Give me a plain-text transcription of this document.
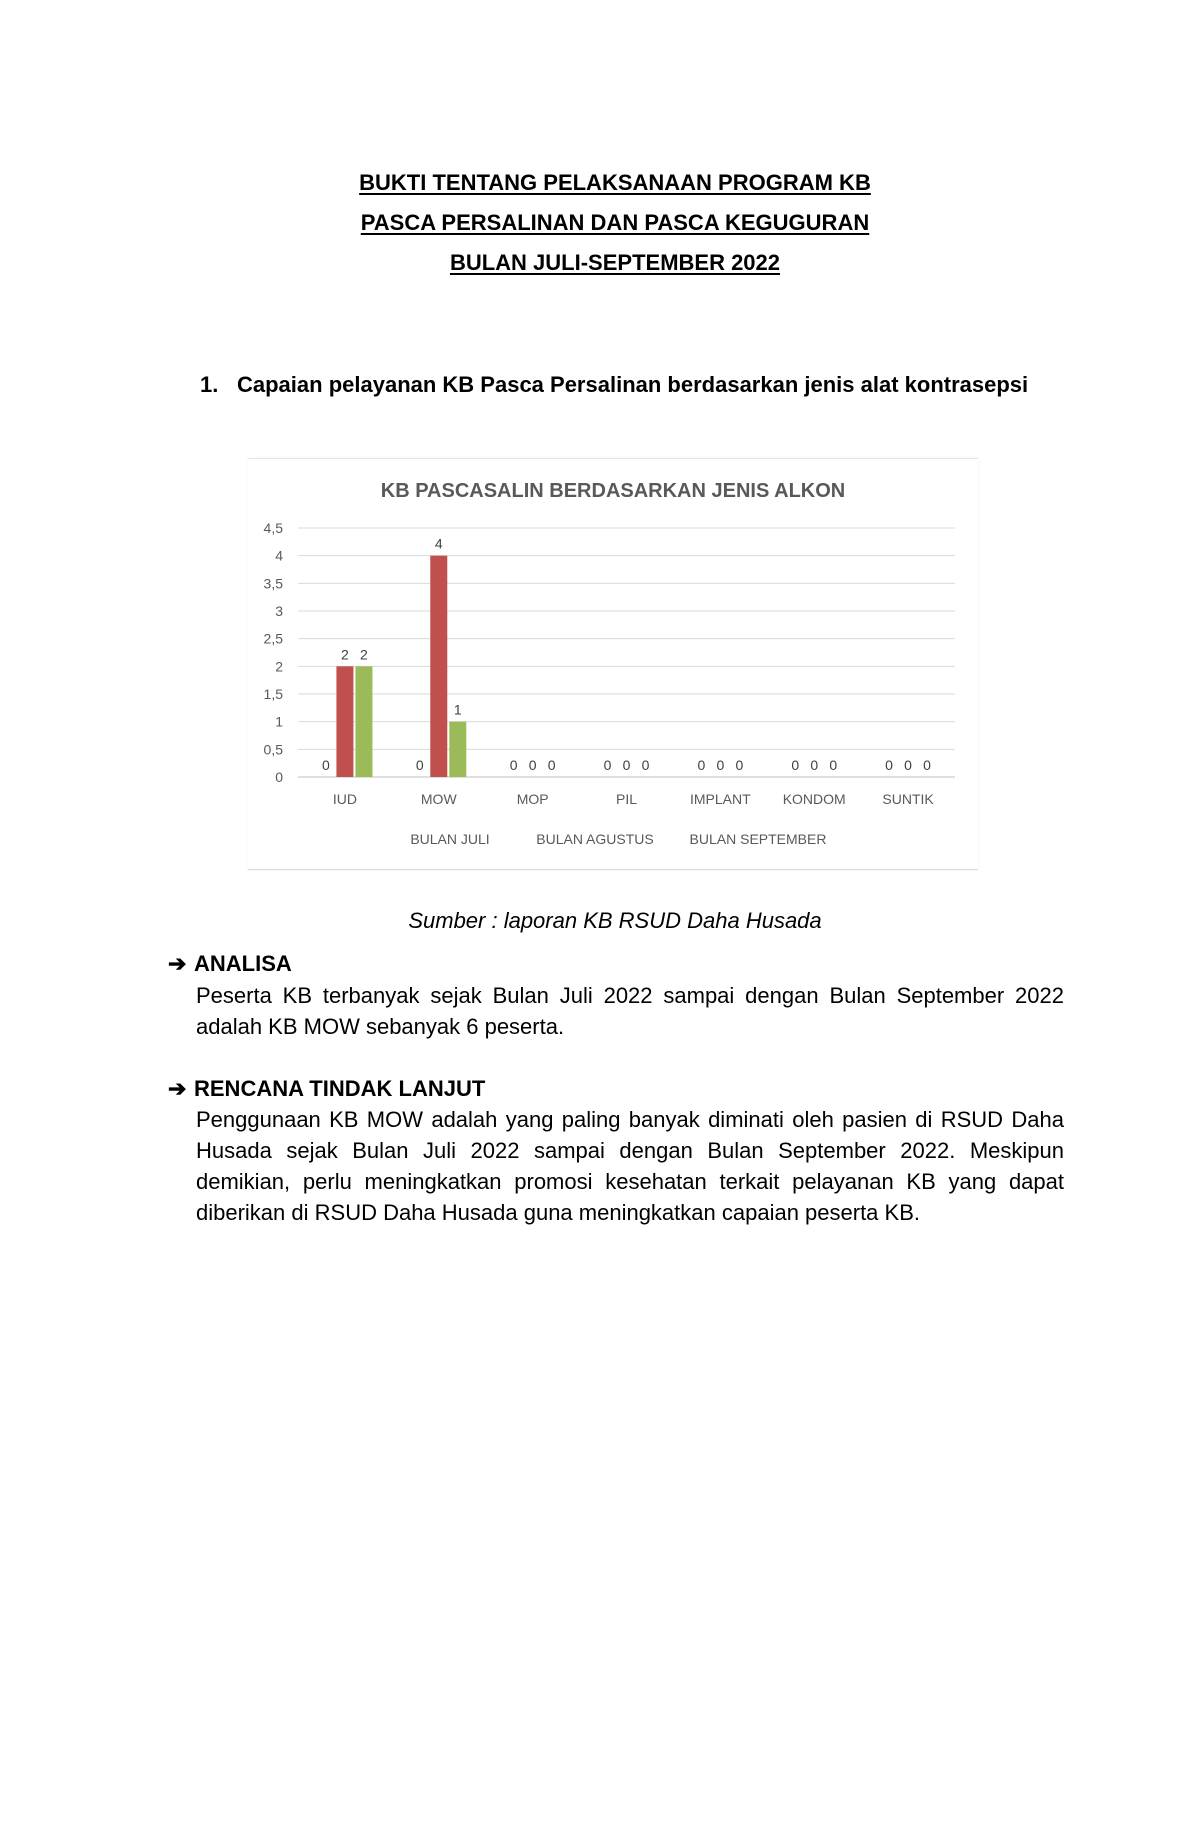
BUKTI TENTANG PELAKSANAAN PROGRAM KB
PASCA PERSALINAN DAN PASCA KEGUGURAN
BULAN JULI-SEPTEMBER 2022
1. Capaian pelayanan KB Pasca Persalinan berdasarkan jenis alat kontrasepsi
KB PASCASALIN BERDASARKAN JENIS ALKON
0
0,5
1
1,5
2
2,5
3
3,5
4
4,5
0
2 2
IUD
0
4
1
MOW
0 0 0
MOP
0 0 0
PIL
0 0 0
IMPLANT
0 0 0
KONDOM
0 0 0
SUNTIK
BULAN JULI	BULAN AGUSTUS	BULAN SEPTEMBER
Sumber : laporan KB RSUD Daha Husada
➔ ANALISA
Peserta KB terbanyak sejak Bulan Juli 2022 sampai dengan Bulan September 2022 adalah KB MOW sebanyak 6 peserta.
➔ RENCANA TINDAK LANJUT
Penggunaan KB MOW adalah yang paling banyak diminati oleh pasien di RSUD Daha Husada sejak Bulan Juli 2022 sampai dengan Bulan September 2022. Meskipun demikian, perlu meningkatkan promosi kesehatan terkait pelayanan KB yang dapat diberikan di RSUD Daha Husada guna meningkatkan capaian peserta KB.
